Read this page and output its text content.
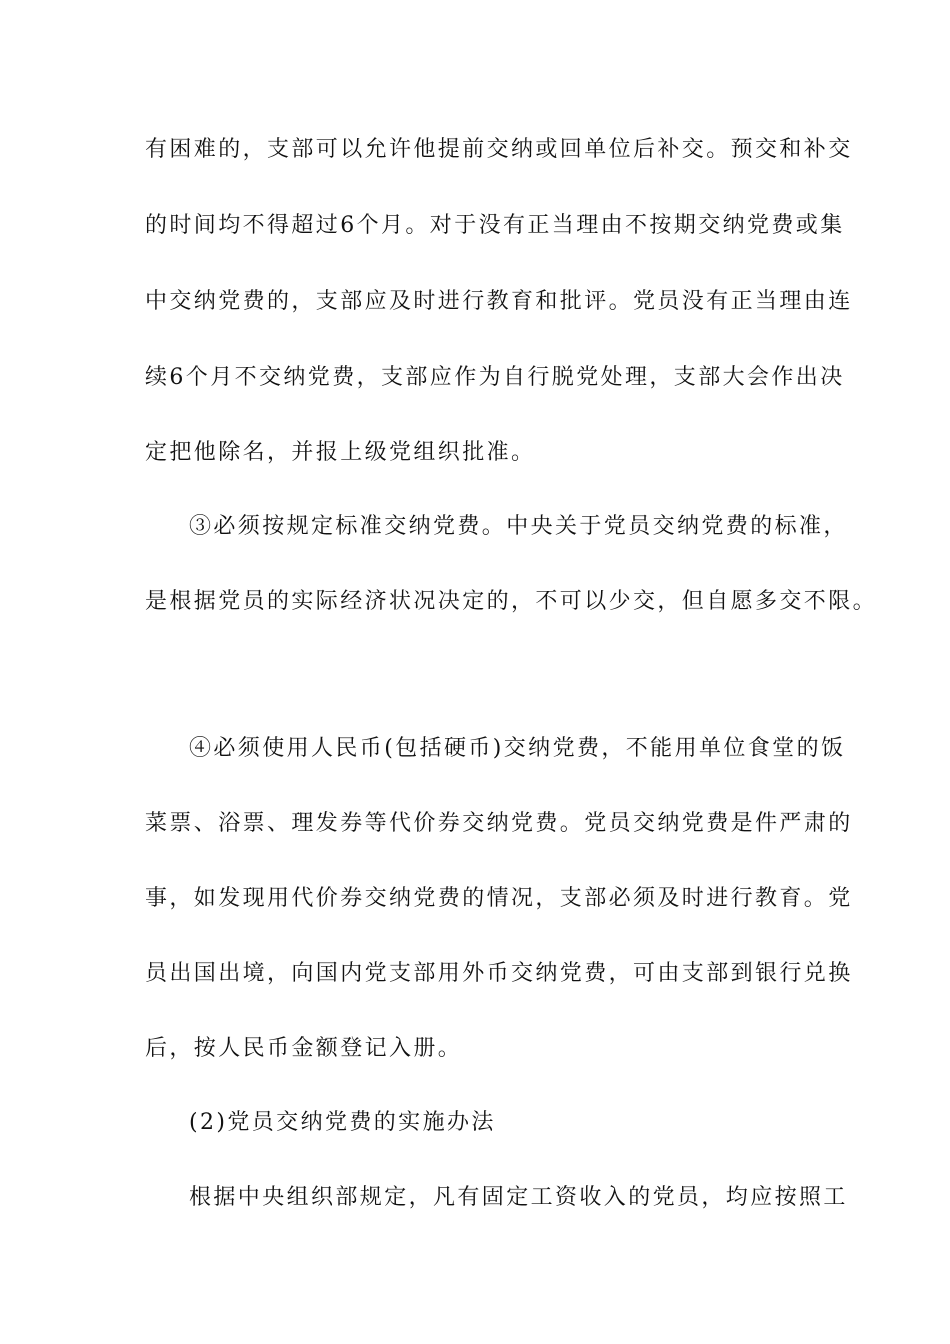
有困难的，支部可以允许他提前交纳或回单位后补交。预交和补交

的时间均不得超过6个月。对于没有正当理由不按期交纳党费或集

中交纳党费的，支部应及时进行教育和批评。党员没有正当理由连

续6个月不交纳党费，支部应作为自行脱党处理，支部大会作出决

定把他除名，并报上级党组织批准。

③必须按规定标准交纳党费。中央关于党员交纳党费的标准，

是根据党员的实际经济状况决定的，不可以少交，但自愿多交不限。

④必须使用人民币(包括硬币)交纳党费，不能用单位食堂的饭

菜票、浴票、理发券等代价券交纳党费。党员交纳党费是件严肃的

事，如发现用代价券交纳党费的情况，支部必须及时进行教育。党

员出国出境，向国内党支部用外币交纳党费，可由支部到银行兑换

后，按人民币金额登记入册。

(2)党员交纳党费的实施办法

根据中央组织部规定，凡有固定工资收入的党员，均应按照工
